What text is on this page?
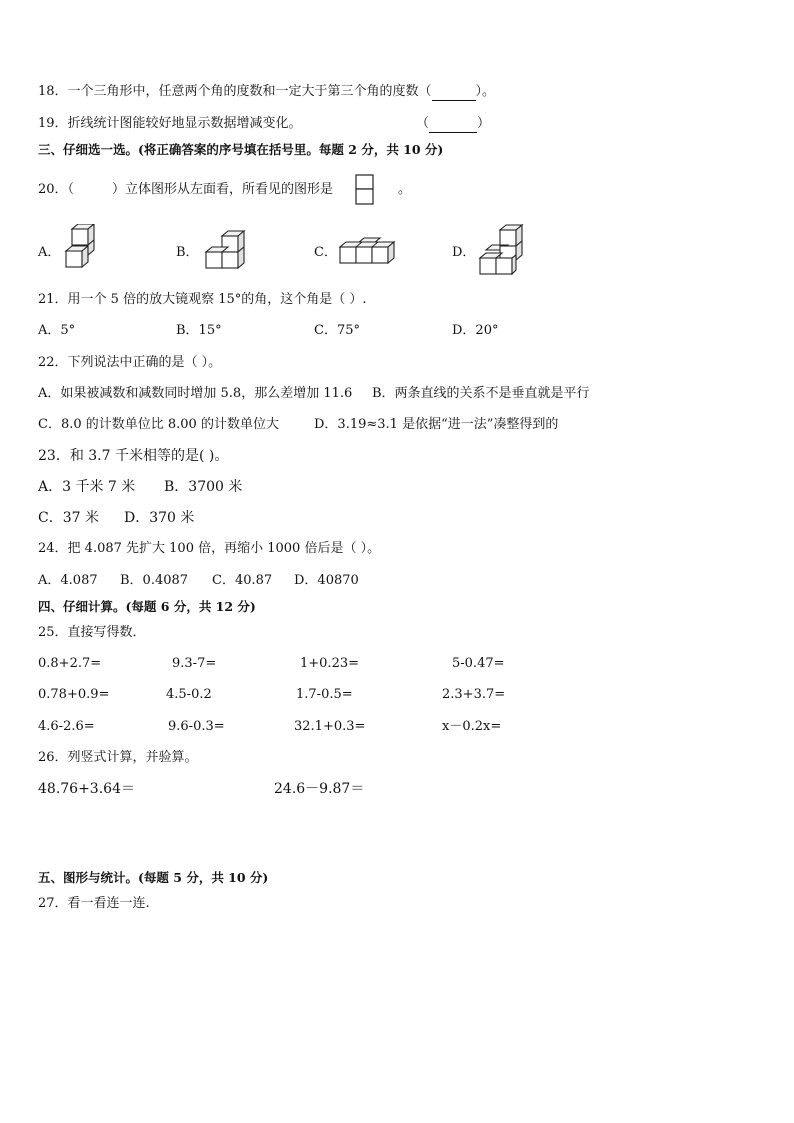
18．一个三角形中，任意两个角的度数和一定大于第三个角的度数（	）。
19．折线统计图能较好地显示数据增减变化。	（	）
三、仔细选一选。(将正确答案的序号填在括号里。每题 2 分，共 10 分)
20．（	）立体图形从左面看，所看见的图形是	。
A．	B．	C．	D．
21．用一个 5 倍的放大镜观察 15°的角，这个角是（ ）.
A．5°	B．15°	C．75°	D．20°
22．下列说法中正确的是（ ）。
A．如果被减数和减数同时增加 5.8，那么差增加 11.6 B．两条直线的关系不是垂直就是平行
C．8.0 的计数单位比 8.00 的计数单位大	D．3.19≈3.1 是依据“进一法”凑整得到的
23．和 3.7 千米相等的是( )。
A．3 千米 7 米 B．3700 米
C．37 米 D．370 米
24．把 4.087 先扩大 100 倍，再缩小 1000 倍后是（ ）。
A．4.087 B．0.4087 C．40.87 D．40870
四、仔细计算。(每题 6 分，共 12 分)
25．直接写得数．
0.8+2.7=	9.3-7=	1+0.23=	5-0.47=
0.78+0.9=	4.5-0.2	1.7-0.5=	2.3+3.7=
4.6-2.6=	9.6-0.3=	32.1+0.3=	x－0.2x=
26．列竖式计算，并验算。
48.76+3.64＝	24.6－9.87＝
五、图形与统计。(每题 5 分，共 10 分)
27．看一看连一连.
